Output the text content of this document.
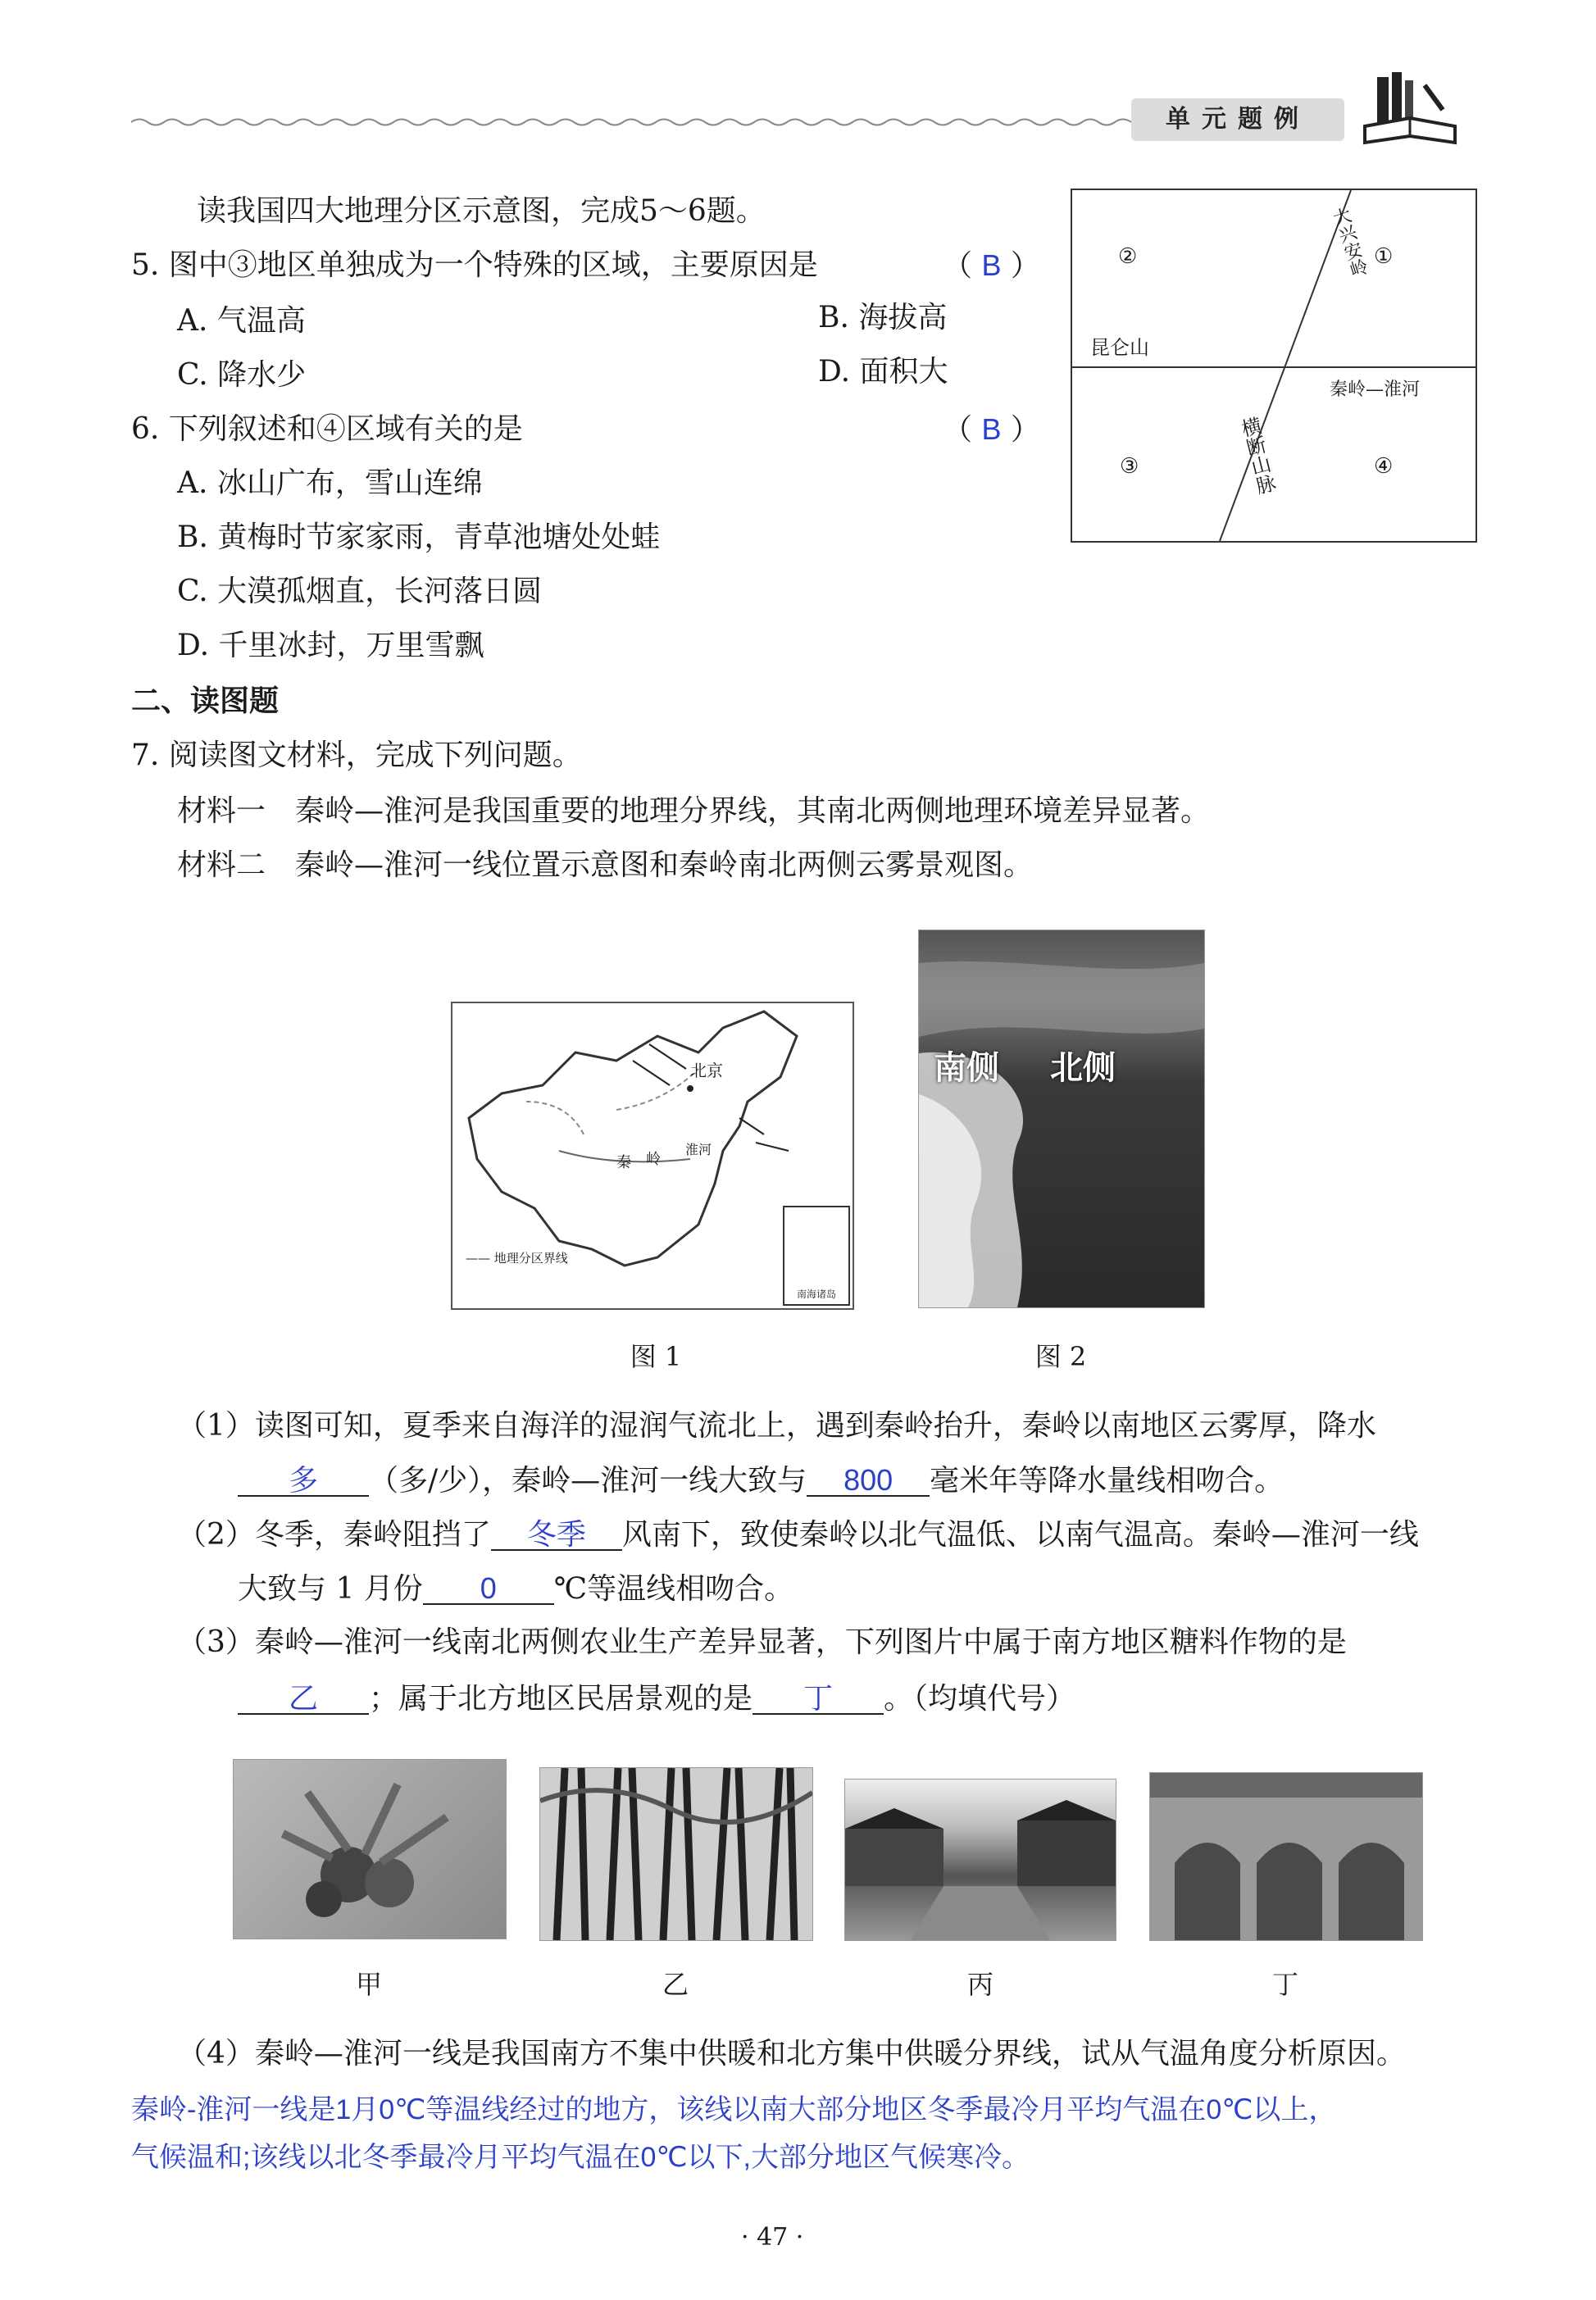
单元题例
读我国四大地理分区示意图，完成5～6题。
5. 图中③地区单独成为一个特殊的区域，主要原因是	（ B ）
A. 气温高	B. 海拔高
C. 降水少	D. 面积大
6. 下列叙述和④区域有关的是	（ B ）
A. 冰山广布，雪山连绵
B. 黄梅时节家家雨，青草池塘处处蛙
C. 大漠孤烟直，长河落日圆
D. 千里冰封，万里雪飘
②	①
③	④
昆仑山
秦岭—淮河
大兴安岭
横断山脉
二、读图题
7. 阅读图文材料，完成下列问题。
材料一　秦岭—淮河是我国重要的地理分界线，其南北两侧地理环境差异显著。
材料二　秦岭—淮河一线位置示意图和秦岭南北两侧云雾景观图。
北京
秦 岭
淮河
—— 地理分区界线
南海诸岛
图 1
南侧 北侧
图 2
（1）读图可知，夏季来自海洋的湿润气流北上，遇到秦岭抬升，秦岭以南地区云雾厚，降水
多 （多/少），秦岭—淮河一线大致与 800 毫米年等降水量线相吻合。
（2）冬季，秦岭阻挡了 冬季 风南下，致使秦岭以北气温低、以南气温高。秦岭—淮河一线
大致与 1 月份 0 ℃等温线相吻合。
（3）秦岭—淮河一线南北两侧农业生产差异显著，下列图片中属于南方地区糖料作物的是
乙 ；属于北方地区民居景观的是 丁 。（均填代号）
甲	乙	丙	丁
（4）秦岭—淮河一线是我国南方不集中供暖和北方集中供暖分界线，试从气温角度分析原因。
秦岭-淮河一线是1月0℃等温线经过的地方，该线以南大部分地区冬季最冷月平均气温在0℃以上，
气候温和;该线以北冬季最冷月平均气温在0℃以下,大部分地区气候寒冷。
· 47 ·
